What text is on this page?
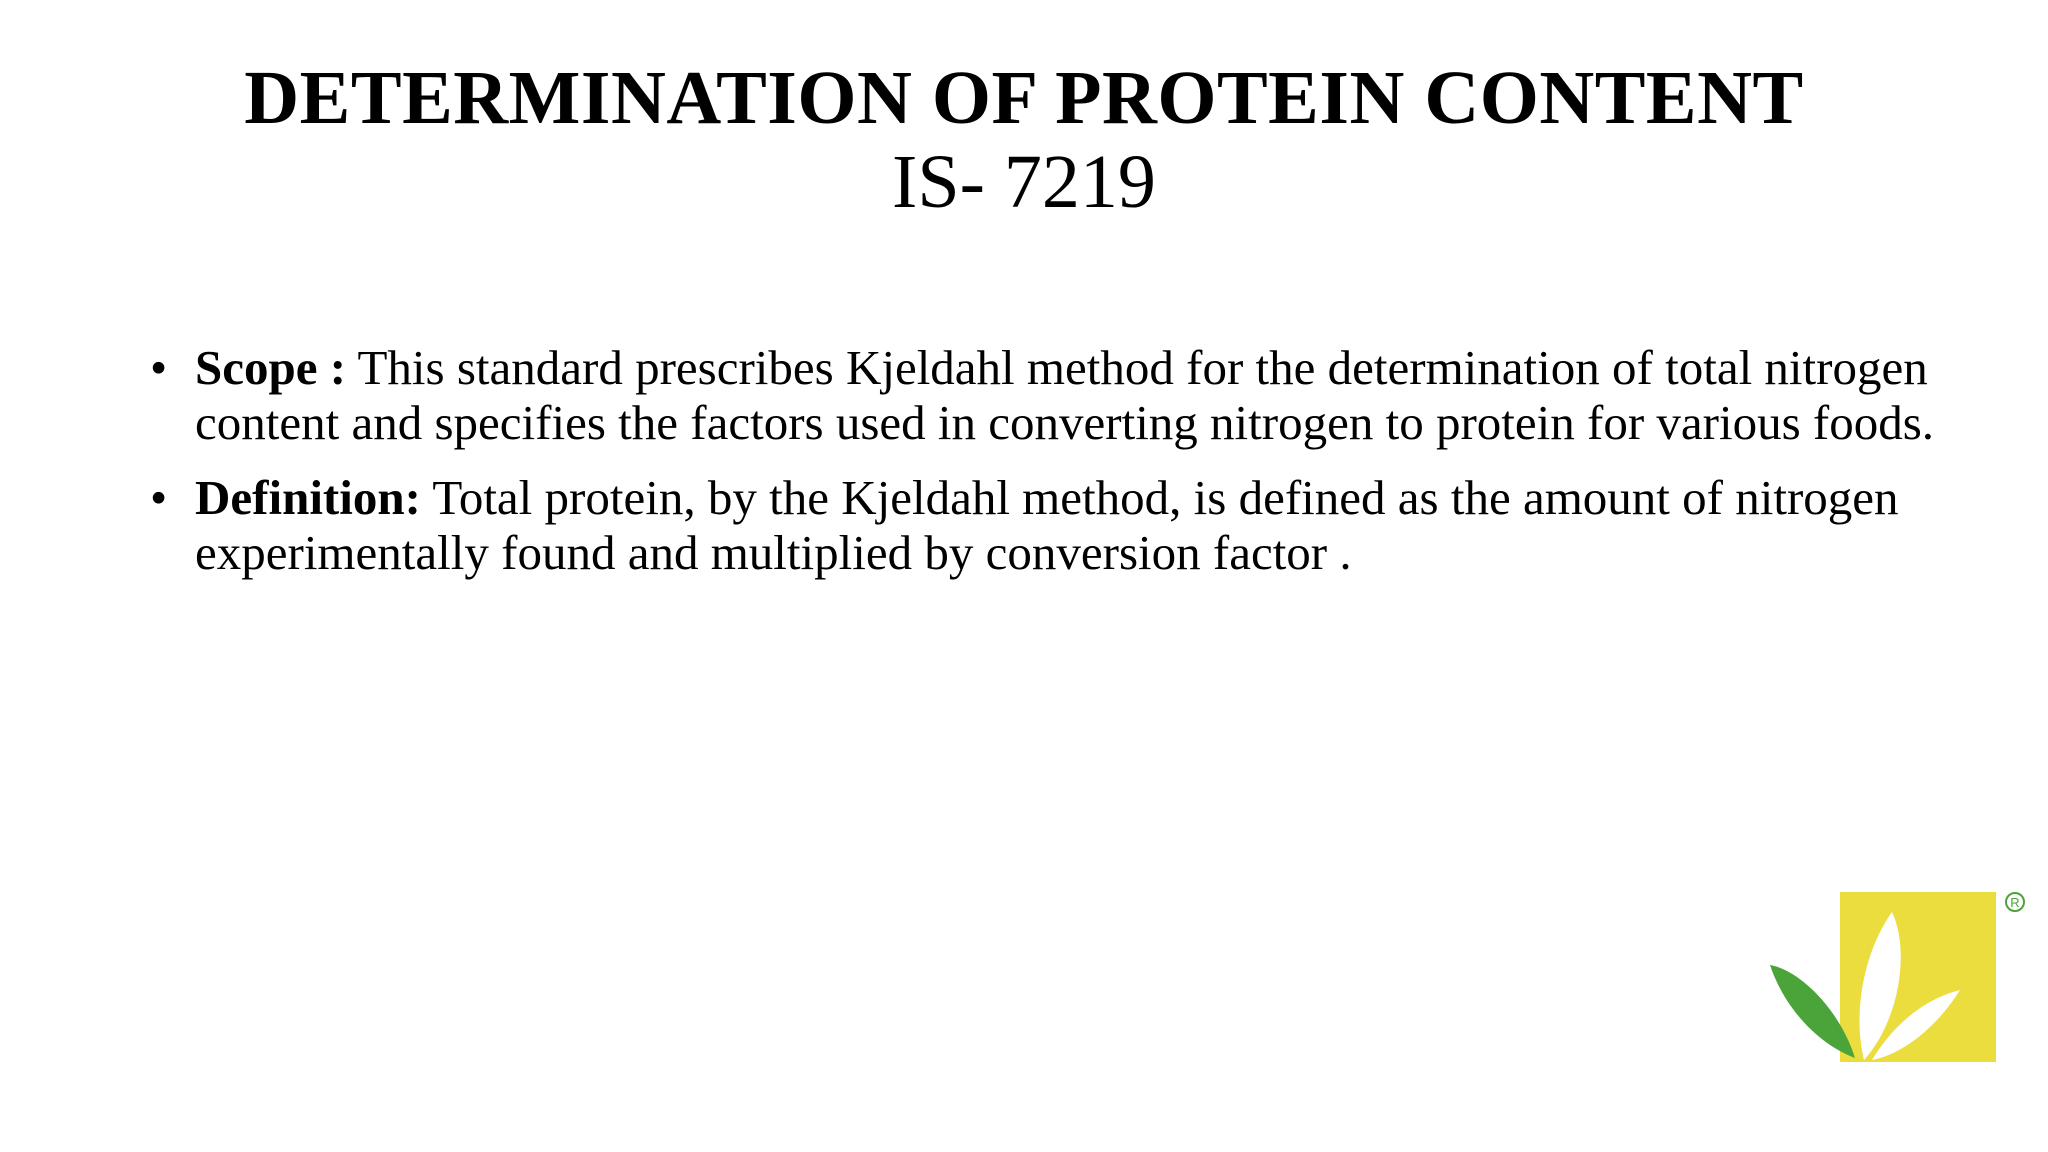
DETERMINATION OF PROTEIN CONTENT
IS- 7219
• Scope : This standard prescribes Kjeldahl method for the determination of total nitrogen content and specifies the factors used in converting nitrogen to protein for various foods.
• Definition: Total protein, by the Kjeldahl method, is defined as the amount of nitrogen experimentally found and multiplied by conversion factor .
R
